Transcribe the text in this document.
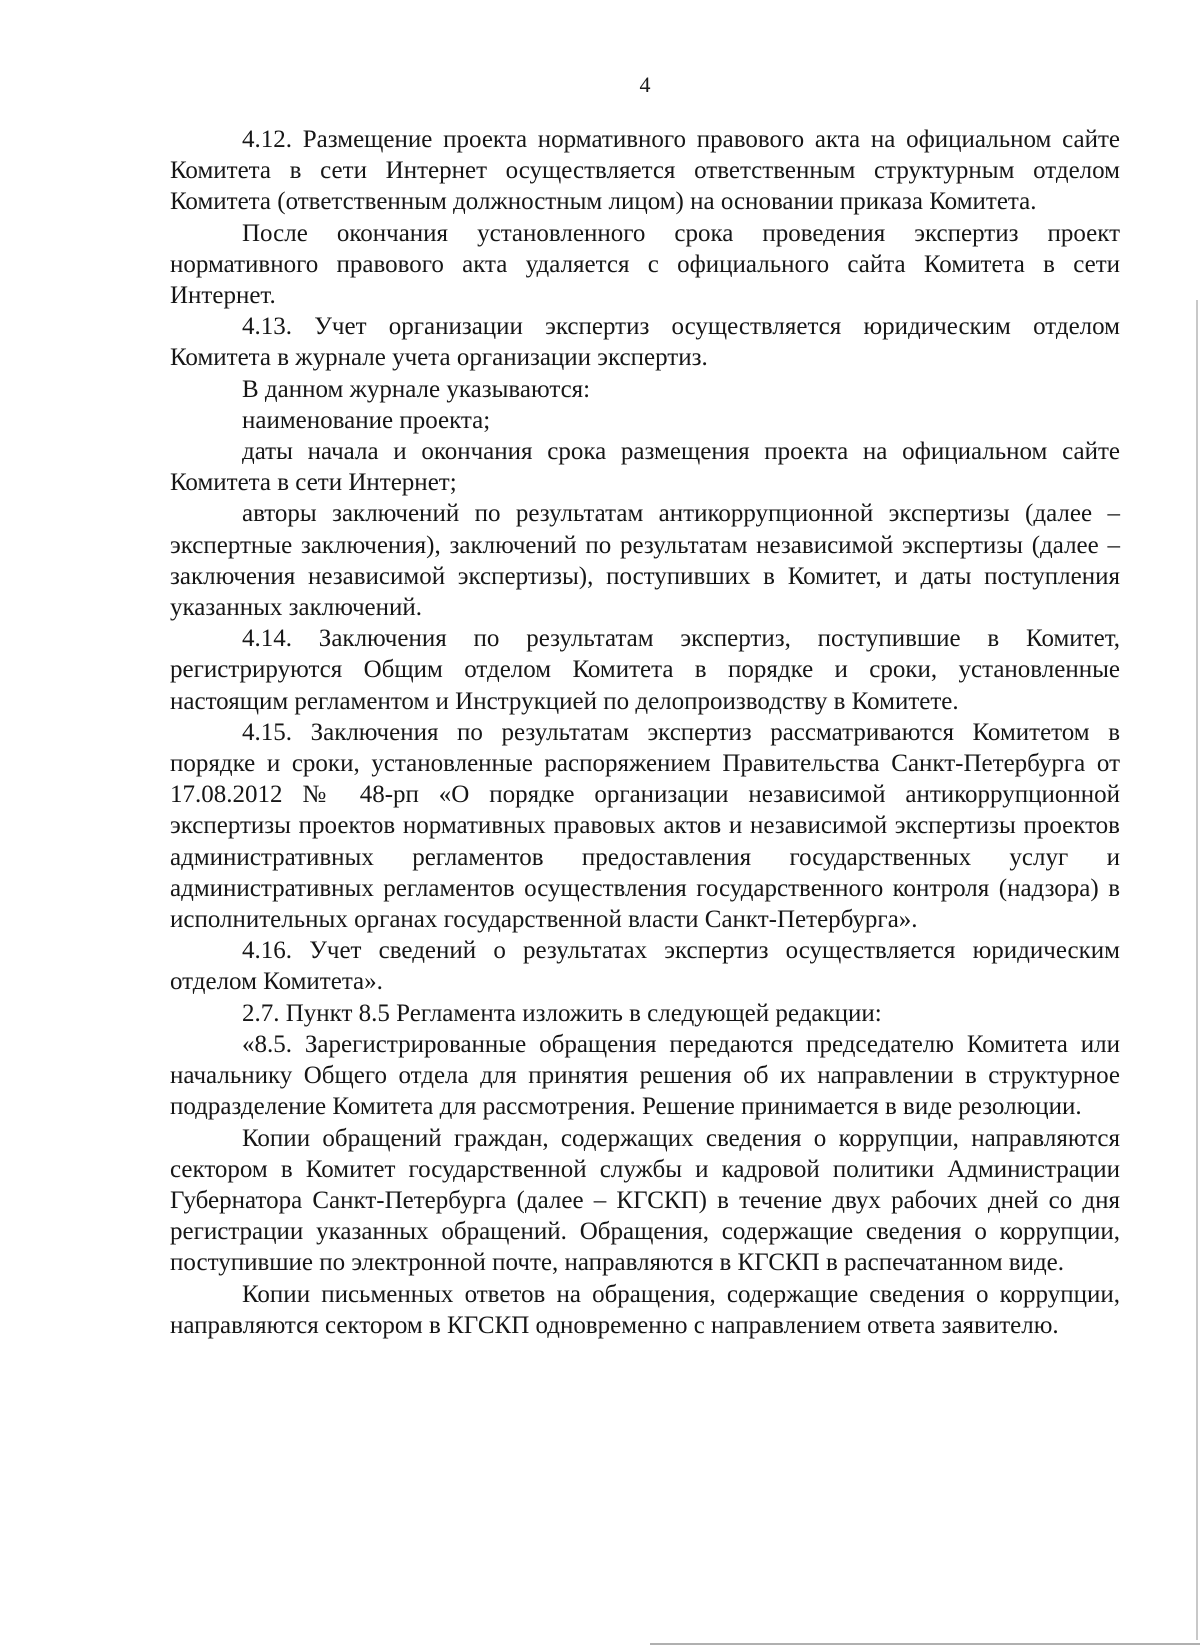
4

4.12. Размещение проекта нормативного правового акта на официальном сайте Комитета в сети Интернет осуществляется ответственным структурным отделом Комитета (ответственным должностным лицом) на основании приказа Комитета.

После окончания установленного срока проведения экспертиз проект нормативного правового акта удаляется с официального сайта Комитета в сети Интернет.

4.13. Учет организации экспертиз осуществляется юридическим отделом Комитета в журнале учета организации экспертиз.

В данном журнале указываются:

наименование проекта;

даты начала и окончания срока размещения проекта на официальном сайте Комитета в сети Интернет;

авторы заключений по результатам антикоррупционной экспертизы (далее – экспертные заключения), заключений по результатам независимой экспертизы (далее – заключения независимой экспертизы), поступивших в Комитет, и даты поступления указанных заключений.

4.14. Заключения по результатам экспертиз, поступившие в Комитет, регистрируются Общим отделом Комитета в порядке и сроки, установленные настоящим регламентом и Инструкцией по делопроизводству в Комитете.

4.15. Заключения по результатам экспертиз рассматриваются Комитетом в порядке и сроки, установленные распоряжением Правительства Санкт-Петербурга от 17.08.2012 № 48-рп «О порядке организации независимой антикоррупционной экспертизы проектов нормативных правовых актов и независимой экспертизы проектов административных регламентов предоставления государственных услуг и административных регламентов осуществления государственного контроля (надзора) в исполнительных органах государственной власти Санкт-Петербурга».

4.16. Учет сведений о результатах экспертиз осуществляется юридическим отделом Комитета».

2.7. Пункт 8.5 Регламента изложить в следующей редакции:

«8.5. Зарегистрированные обращения передаются председателю Комитета или начальнику Общего отдела для принятия решения об их направлении в структурное подразделение Комитета для рассмотрения. Решение принимается в виде резолюции.

Копии обращений граждан, содержащих сведения о коррупции, направляются сектором в Комитет государственной службы и кадровой политики Администрации Губернатора Санкт-Петербурга (далее – КГСКП) в течение двух рабочих дней со дня регистрации указанных обращений. Обращения, содержащие сведения о коррупции, поступившие по электронной почте, направляются в КГСКП в распечатанном виде.

Копии письменных ответов на обращения, содержащие сведения о коррупции, направляются сектором в КГСКП одновременно с направлением ответа заявителю.
